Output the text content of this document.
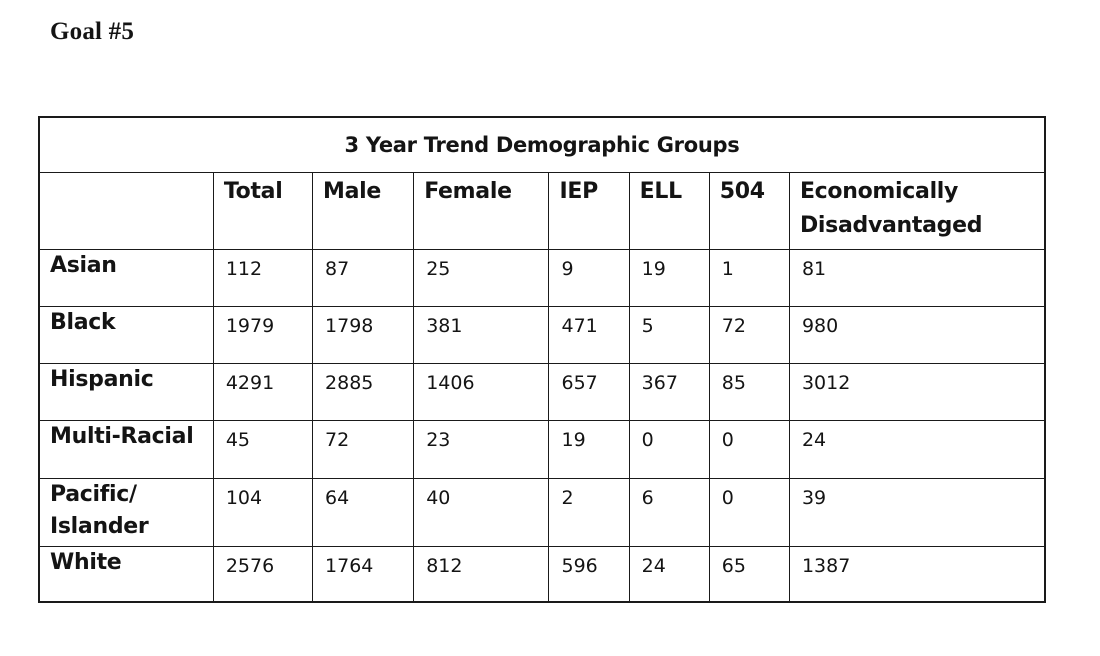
Goal #5
3 Year Trend Demographic Groups							
	Total	Male	Female	IEP	ELL	504	Economically Disadvantaged
Asian	112	87	25	9	19	1	81
Black	1979	1798	381	471	5	72	980
Hispanic	4291	2885	1406	657	367	85	3012
Multi-Racial	45	72	23	19	0	0	24
Pacific/ Islander	104	64	40	2	6	0	39
White	2576	1764	812	596	24	65	1387
